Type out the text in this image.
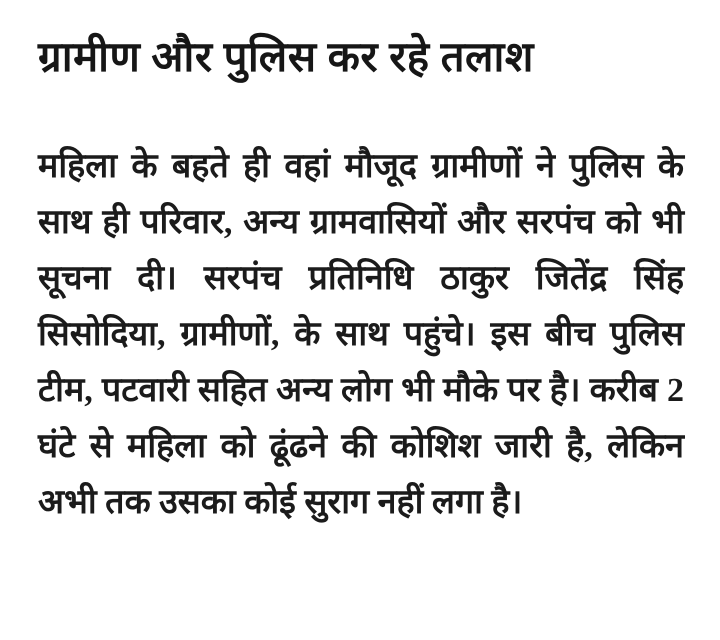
ग्रामीण और पुलिस कर रहे तलाश

महिला के बहते ही वहां मौजूद ग्रामीणों ने पुलिस के साथ ही परिवार, अन्य ग्रामवासियों और सरपंच को भी सूचना दी। सरपंच प्रतिनिधि ठाकुर जितेंद्र सिंह सिसोदिया, ग्रामीणों, के साथ पहुंचे। इस बीच पुलिस टीम, पटवारी सहित अन्य लोग भी मौके पर है। करीब 2 घंटे से महिला को ढूंढने की कोशिश जारी है, लेकिन अभी तक उसका कोई सुराग नहीं लगा है।
